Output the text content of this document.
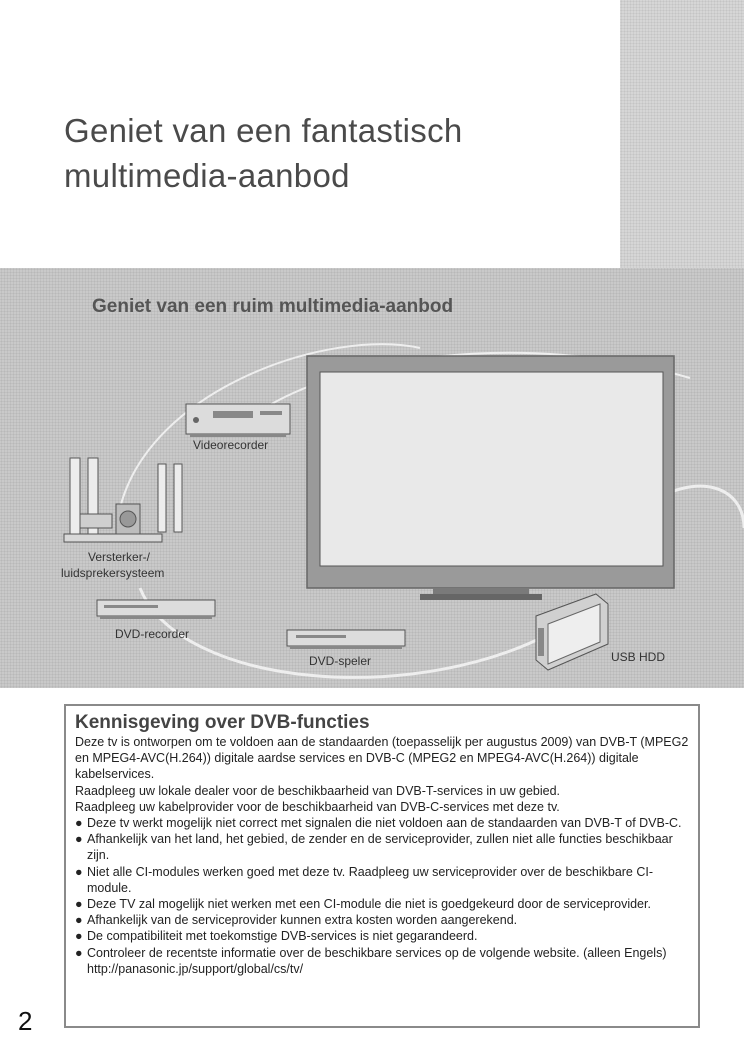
Geniet van een fantastisch
multimedia-aanbod
Geniet van een ruim multimedia-aanbod
Videorecorder
Versterker-/
luidsprekersysteem
DVD-recorder
DVD-speler	USB HDD
Kennisgeving over DVB-functies

Deze tv is ontworpen om te voldoen aan de standaarden (toepasselijk per augustus 2009) van DVB-T (MPEG2 en MPEG4-AVC(H.264)) digitale aardse services en DVB-C (MPEG2 en MPEG4-AVC(H.264)) digitale kabelservices.

Raadpleeg uw lokale dealer voor de beschikbaarheid van DVB-T-services in uw gebied.

Raadpleeg uw kabelprovider voor de beschikbaarheid van DVB-C-services met deze tv.

● Deze tv werkt mogelijk niet correct met signalen die niet voldoen aan de standaarden van DVB-T of DVB-C.
● Afhankelijk van het land, het gebied, de zender en de serviceprovider, zullen niet alle functies beschikbaar zijn.
● Niet alle CI-modules werken goed met deze tv. Raadpleeg uw serviceprovider over de beschikbare CI-module.
● Deze TV zal mogelijk niet werken met een CI-module die niet is goedgekeurd door de serviceprovider.
● Afhankelijk van de serviceprovider kunnen extra kosten worden aangerekend.
● De compatibiliteit met toekomstige DVB-services is niet gegarandeerd.
● Controleer de recentste informatie over de beschikbare services op de volgende website. (alleen Engels)
http://panasonic.jp/support/global/cs/tv/
2
